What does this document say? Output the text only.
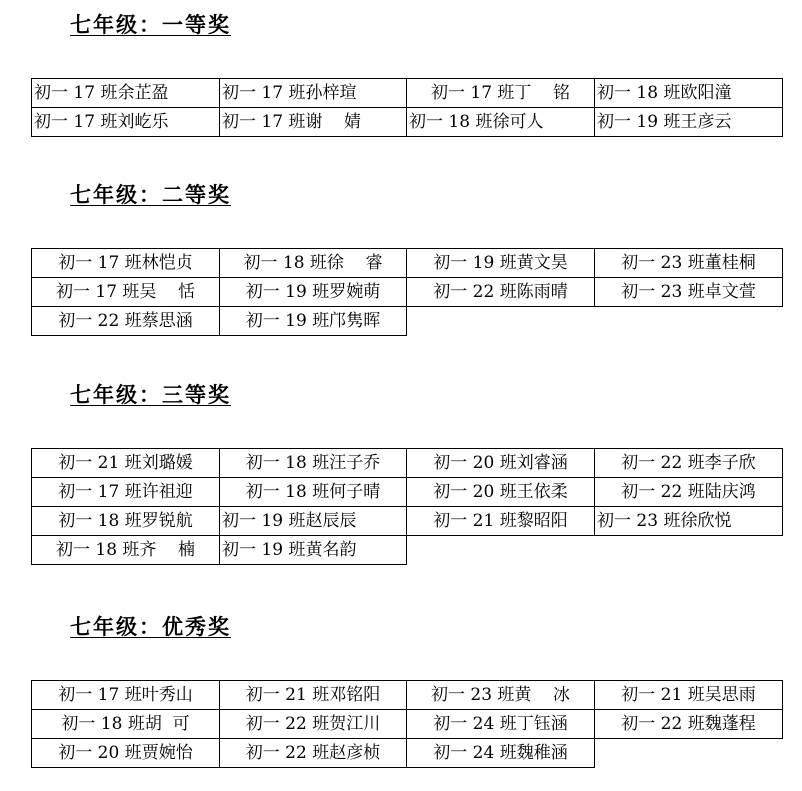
七年级：一等奖
初一 17 班余芷盈	初一 17 班孙梓瑄	初一 17 班丁    铭	初一 18 班欧阳潼
初一 17 班刘屹乐	初一 17 班谢    婧	初一 18 班徐可人	初一 19 班王彦云
七年级：二等奖
初一 17 班林恺贞	初一 18 班徐    睿	初一 19 班黄文昊	初一 23 班董桂桐
初一 17 班吴    恬	初一 19 班罗婉萌	初一 22 班陈雨晴	初一 23 班卓文萱
初一 22 班蔡思涵	初一 19 班邝隽晖		
七年级：三等奖
初一 21 班刘璐媛	初一 18 班汪子乔	初一 20 班刘睿涵	初一 22 班李子欣
初一 17 班许祖迎	初一 18 班何子晴	初一 20 班王依柔	初一 22 班陆庆鸿
初一 18 班罗锐航	初一 19 班赵辰辰	初一 21 班黎昭阳	初一 23 班徐欣悦
初一 18 班齐    楠	初一 19 班黄名韵		
七年级：优秀奖
初一 17 班叶秀山	初一 21 班邓铭阳	初一 23 班黄    冰	初一 21 班吴思雨
初一 18 班胡  可	初一 22 班贺江川	初一 24 班丁钰涵	初一 22 班魏蓬程
初一 20 班贾婉怡	初一 22 班赵彦桢	初一 24 班魏稚涵	
